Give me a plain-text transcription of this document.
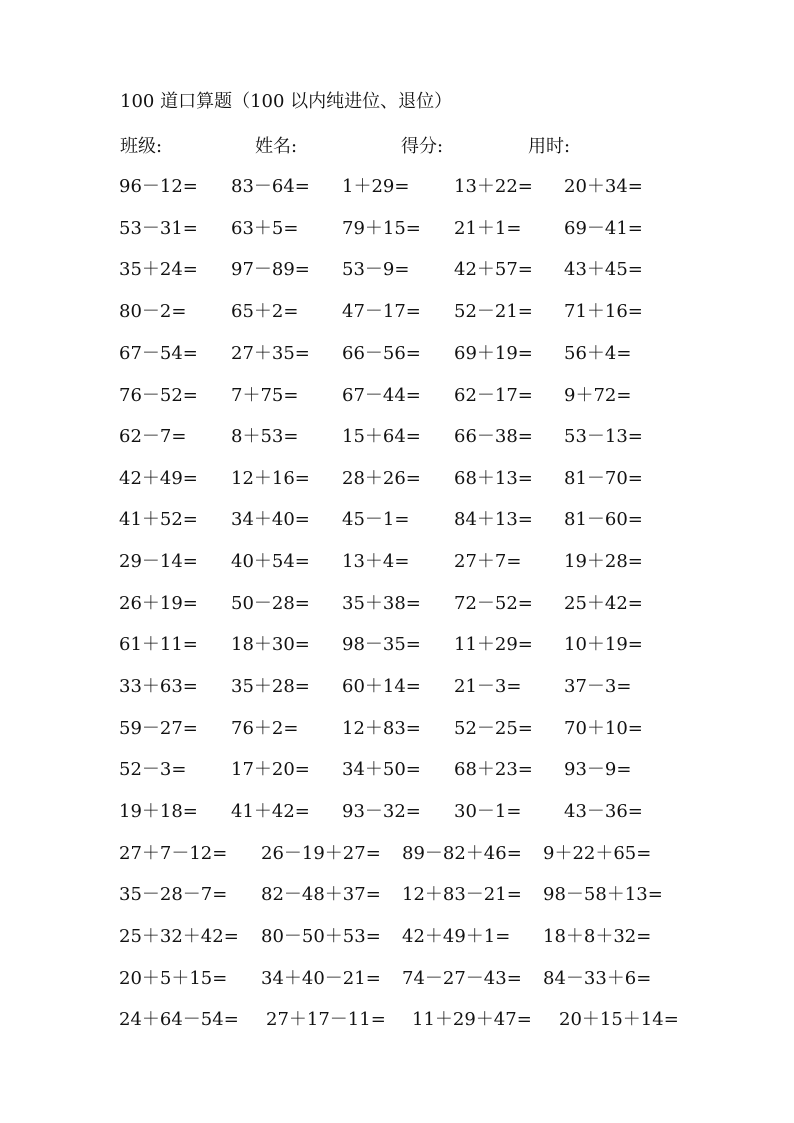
100 道口算题（100 以内纯进位、退位）
班级:	姓名:	得分:	用时:
96－12= 83－64= 1＋29= 13＋22= 20＋34=
53－31= 63＋5= 79＋15= 21＋1= 69－41=
35＋24= 97－89= 53－9= 42＋57= 43＋45=
80－2= 65＋2= 47－17= 52－21= 71＋16=
67－54= 27＋35= 66－56= 69＋19= 56＋4=
76－52= 7＋75= 67－44= 62－17= 9＋72=
62－7= 8＋53= 15＋64= 66－38= 53－13=
42＋49= 12＋16= 28＋26= 68＋13= 81－70=
41＋52= 34＋40= 45－1= 84＋13= 81－60=
29－14= 40＋54= 13＋4= 27＋7= 19＋28=
26＋19= 50－28= 35＋38= 72－52= 25＋42=
61＋11= 18＋30= 98－35= 11＋29= 10＋19=
33＋63= 35＋28= 60＋14= 21－3= 37－3=
59－27= 76＋2= 12＋83= 52－25= 70＋10=
52－3= 17＋20= 34＋50= 68＋23= 93－9=
19＋18= 41＋42= 93－32= 30－1= 43－36=
27＋7－12= 26－19＋27= 89－82＋46= 9＋22＋65=
35－28－7= 82－48＋37= 12＋83－21= 98－58＋13=
25＋32＋42= 80－50＋53= 42＋49＋1= 18＋8＋32=
20＋5＋15= 34＋40－21= 74－27－43= 84－33＋6=
24＋64－54= 27＋17－11= 11＋29＋47= 20＋15＋14=
